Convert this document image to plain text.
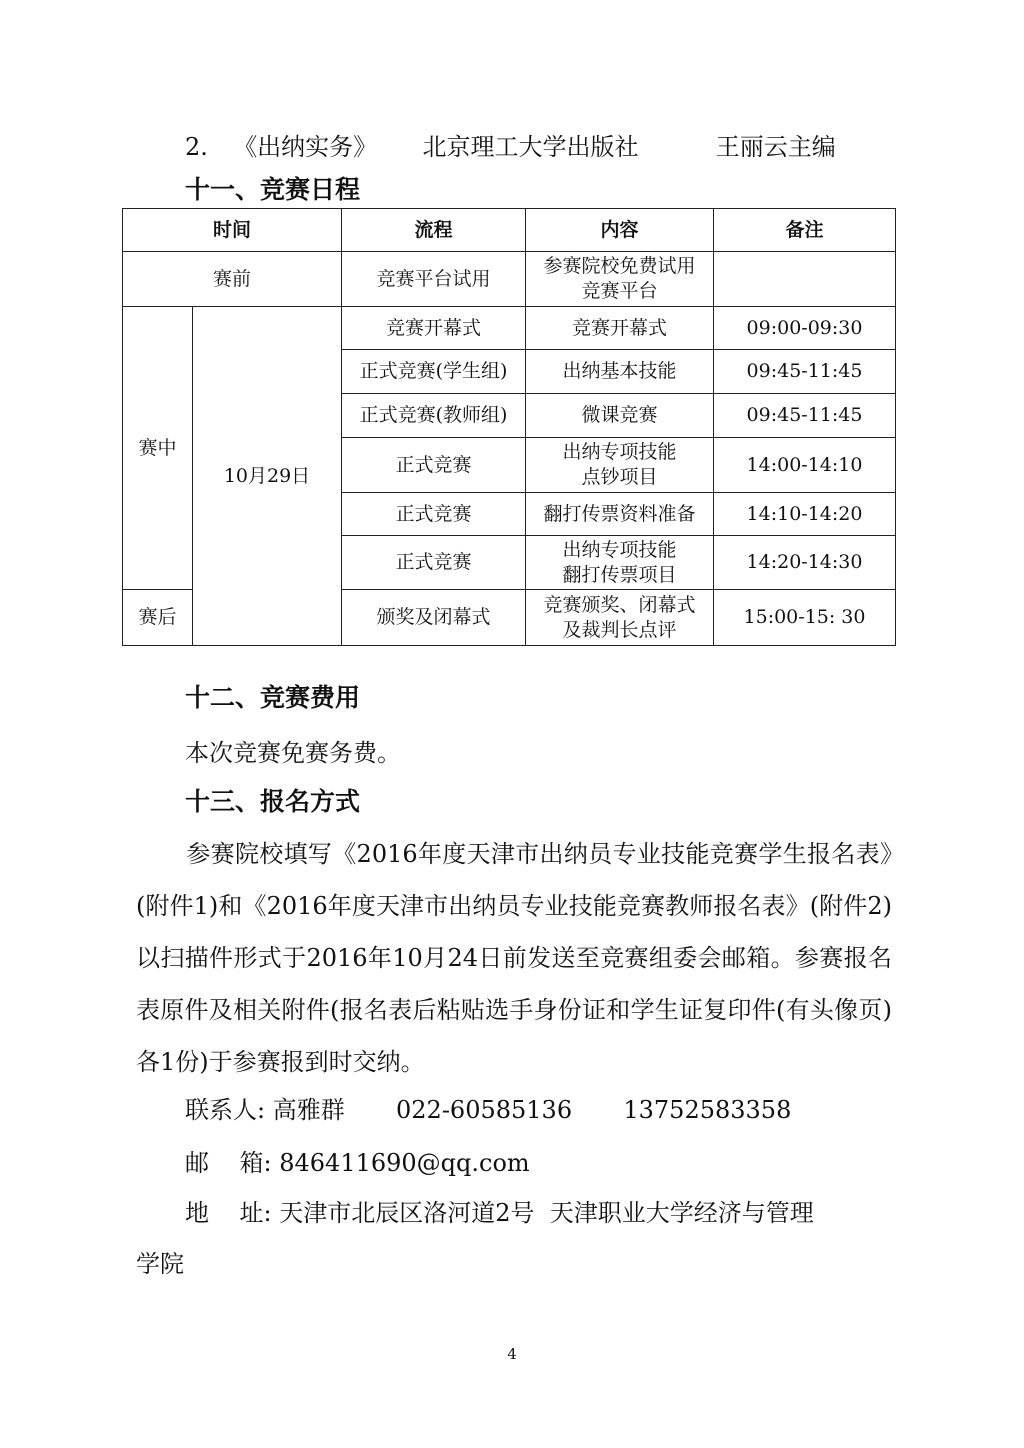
2. 《出纳实务》 北京理工大学出版社	王丽云主编
十一、竞赛日程
时间		流程	内容	备注
赛前		竞赛平台试用	参赛院校免费试用
竞赛平台	

赛中	10月29日	竞赛开幕式	竞赛开幕式	09:00-09:30
		正式竞赛(学生组)	出纳基本技能	09:45-11:45
		正式竞赛(教师组)	微课竞赛	09:45-11:45
		正式竞赛	出纳专项技能
点钞项目	14:00-14:10
		正式竞赛	翻打传票资料准备	14:10-14:20
		正式竞赛	出纳专项技能
翻打传票项目	14:20-14:30
赛后		颁奖及闭幕式	竞赛颁奖、闭幕式
及裁判长点评	15:00-15: 30
十二、竞赛费用
本次竞赛免赛务费。
十三、报名方式
参赛院校填写《2016年度天津市出纳员专业技能竞赛学生报名表》(附件1)和《2016年度天津市出纳员专业技能竞赛教师报名表》(附件2)以扫描件形式于2016年10月24日前发送至竞赛组委会邮箱。参赛报名表原件及相关附件(报名表后粘贴选手身份证和学生证复印件(有头像页)各1份)于参赛报到时交纳。
联系人: 高雅群 022-60585136 13752583358
邮    箱: 846411690@qq.com
地    址: 天津市北辰区洛河道2号  天津职业大学经济与管理
学院
4
